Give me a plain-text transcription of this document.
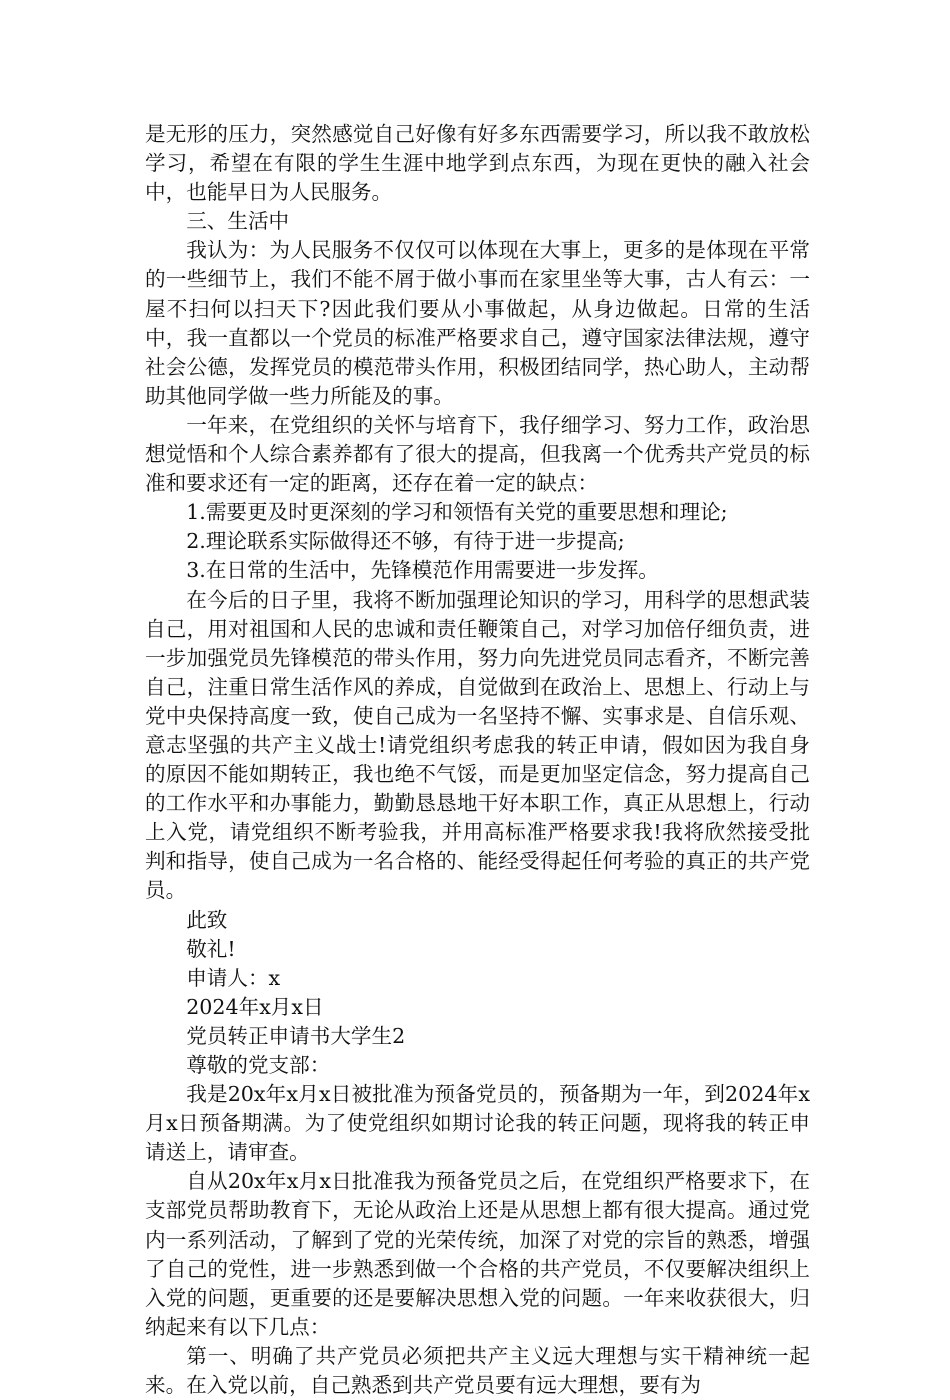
是无形的压力，突然感觉自己好像有好多东西需要学习，所以我不敢放松学习，希望在有限的学生生涯中地学到点东西，为现在更快的融入社会中，也能早日为人民服务。

三、生活中

我认为：为人民服务不仅仅可以体现在大事上，更多的是体现在平常的一些细节上，我们不能不屑于做小事而在家里坐等大事，古人有云：一屋不扫何以扫天下?因此我们要从小事做起，从身边做起。日常的生活中，我一直都以一个党员的标准严格要求自己，遵守国家法律法规，遵守社会公德，发挥党员的模范带头作用，积极团结同学，热心助人，主动帮助其他同学做一些力所能及的事。

一年来，在党组织的关怀与培育下，我仔细学习、努力工作，政治思想觉悟和个人综合素养都有了很大的提高，但我离一个优秀共产党员的标准和要求还有一定的距离，还存在着一定的缺点：

1.需要更及时更深刻的学习和领悟有关党的重要思想和理论;

2.理论联系实际做得还不够，有待于进一步提高;

3.在日常的生活中，先锋模范作用需要进一步发挥。

在今后的日子里，我将不断加强理论知识的学习，用科学的思想武装自己，用对祖国和人民的忠诚和责任鞭策自己，对学习加倍仔细负责，进一步加强党员先锋模范的带头作用，努力向先进党员同志看齐，不断完善自己，注重日常生活作风的养成，自觉做到在政治上、思想上、行动上与党中央保持高度一致，使自己成为一名坚持不懈、实事求是、自信乐观、意志坚强的共产主义战士!请党组织考虑我的转正申请，假如因为我自身的原因不能如期转正，我也绝不气馁，而是更加坚定信念，努力提高自己的工作水平和办事能力，勤勤恳恳地干好本职工作，真正从思想上，行动上入党，请党组织不断考验我，并用高标准严格要求我!我将欣然接受批判和指导，使自己成为一名合格的、能经受得起任何考验的真正的共产党员。

此致

敬礼!

申请人：x

2024年x月x日

党员转正申请书大学生2

尊敬的党支部：

我是20x年x月x日被批准为预备党员的，预备期为一年，到2024年x月x日预备期满。为了使党组织如期讨论我的转正问题，现将我的转正申请送上，请审查。

自从20x年x月x日批准我为预备党员之后，在党组织严格要求下，在支部党员帮助教育下，无论从政治上还是从思想上都有很大提高。通过党内一系列活动，了解到了党的光荣传统，加深了对党的宗旨的熟悉，增强了自己的党性，进一步熟悉到做一个合格的共产党员，不仅要解决组织上入党的问题，更重要的还是要解决思想入党的问题。一年来收获很大，归纳起来有以下几点：

第一、明确了共产党员必须把共产主义远大理想与实干精神统一起来。在入党以前，自己熟悉到共产党员要有远大理想，要有为
